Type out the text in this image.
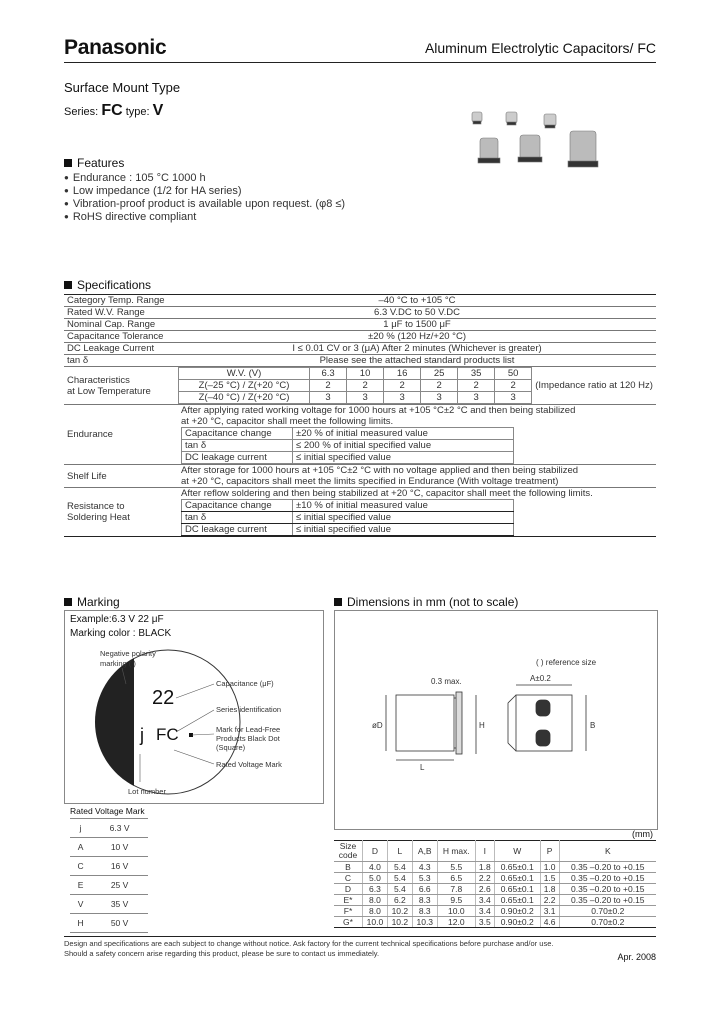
Panasonic	Aluminum Electrolytic Capacitors/ FC
Surface Mount Type
Series: FC type: V
Features
● Endurance : 105 °C 1000 h
● Low impedance (1/2 for HA series)
● Vibration-proof product is available upon request. (φ8 ≤)
● RoHS directive compliant
Specifications
Category Temp. Range	–40 °C to +105 °C
Rated W.V. Range	6.3 V.DC to 50 V.DC
Nominal Cap. Range	1 μF to 1500 μF
Capacitance Tolerance	±20 % (120 Hz/+20 °C)
DC Leakage Current	I ≤ 0.01 CV or 3 (μA) After 2 minutes (Whichever is greater)
tan δ	Please see the attached standard products list

Characteristics
at Low Temperature

W.V. (V)	6.3	10	16	25	35	50
Z(–25 °C) / Z(+20 °C)	2	2	2	2	2	2
Z(–40 °C) / Z(+20 °C)	3	3	3	3	3	3
	(Impedance ratio at 120 Hz)
Endurance	
After applying rated working voltage for 1000 hours at +105 °C±2 °C and then being stabilized
at +20 °C, capacitor shall meet the following limits.
Capacitance change	±20 % of initial measured value
tan δ	≤ 200 % of initial specified value
DC leakage current	≤ initial specified value

Shelf Life	After storage for 1000 hours at +105 °C±2 °C with no voltage applied and then being stabilized
at +20 °C, capacitors shall meet the limits specified in Endurance (With voltage treatment)

Resistance to
Soldering Heat

After reflow soldering and then being stabilized at +20 °C, capacitor shall meet the following limits.
Capacitance change	±10 % of initial measured value
tan δ	≤ initial specified value
DC leakage current	≤ initial specified value
Marking
Example:6.3 V 22 μF
Marking color : BLACK
22
j FC
Negative polarity
marking ( )
Capacitance (μF)
Series identification
Mark for Lead-Free
Products Black Dot
(Square)
Rated Voltage Mark
Lot number
Rated Voltage Mark
j	6.3 V
A	10 V
C	16 V
E	25 V
V	35 V
H	50 V
Dimensions in mm (not to scale)
( ) reference size
0.3 max.	A±0.2
øD	H
L
B
(mm)
Size code	D	L	A,B	H max.	I	W	P	K
B	4.0	5.4	4.3	5.5	1.8	0.65±0.1	1.0	0.35 –0.20 to +0.15
C	5.0	5.4	5.3	6.5	2.2	0.65±0.1	1.5	0.35 –0.20 to +0.15
D	6.3	5.4	6.6	7.8	2.6	0.65±0.1	1.8	0.35 –0.20 to +0.15
E*	8.0	6.2	8.3	9.5	3.4	0.65±0.1	2.2	0.35 –0.20 to +0.15
F*	8.0	10.2	8.3	10.0	3.4	0.90±0.2	3.1	0.70±0.2
G*	10.0	10.2	10.3	12.0	3.5	0.90±0.2	4.6	0.70±0.2
Design and specifications are each subject to change without notice. Ask factory for the current technical specifications before purchase and/or use.
Should a safety concern arise regarding this product, please be sure to contact us immediately.	Apr. 2008
